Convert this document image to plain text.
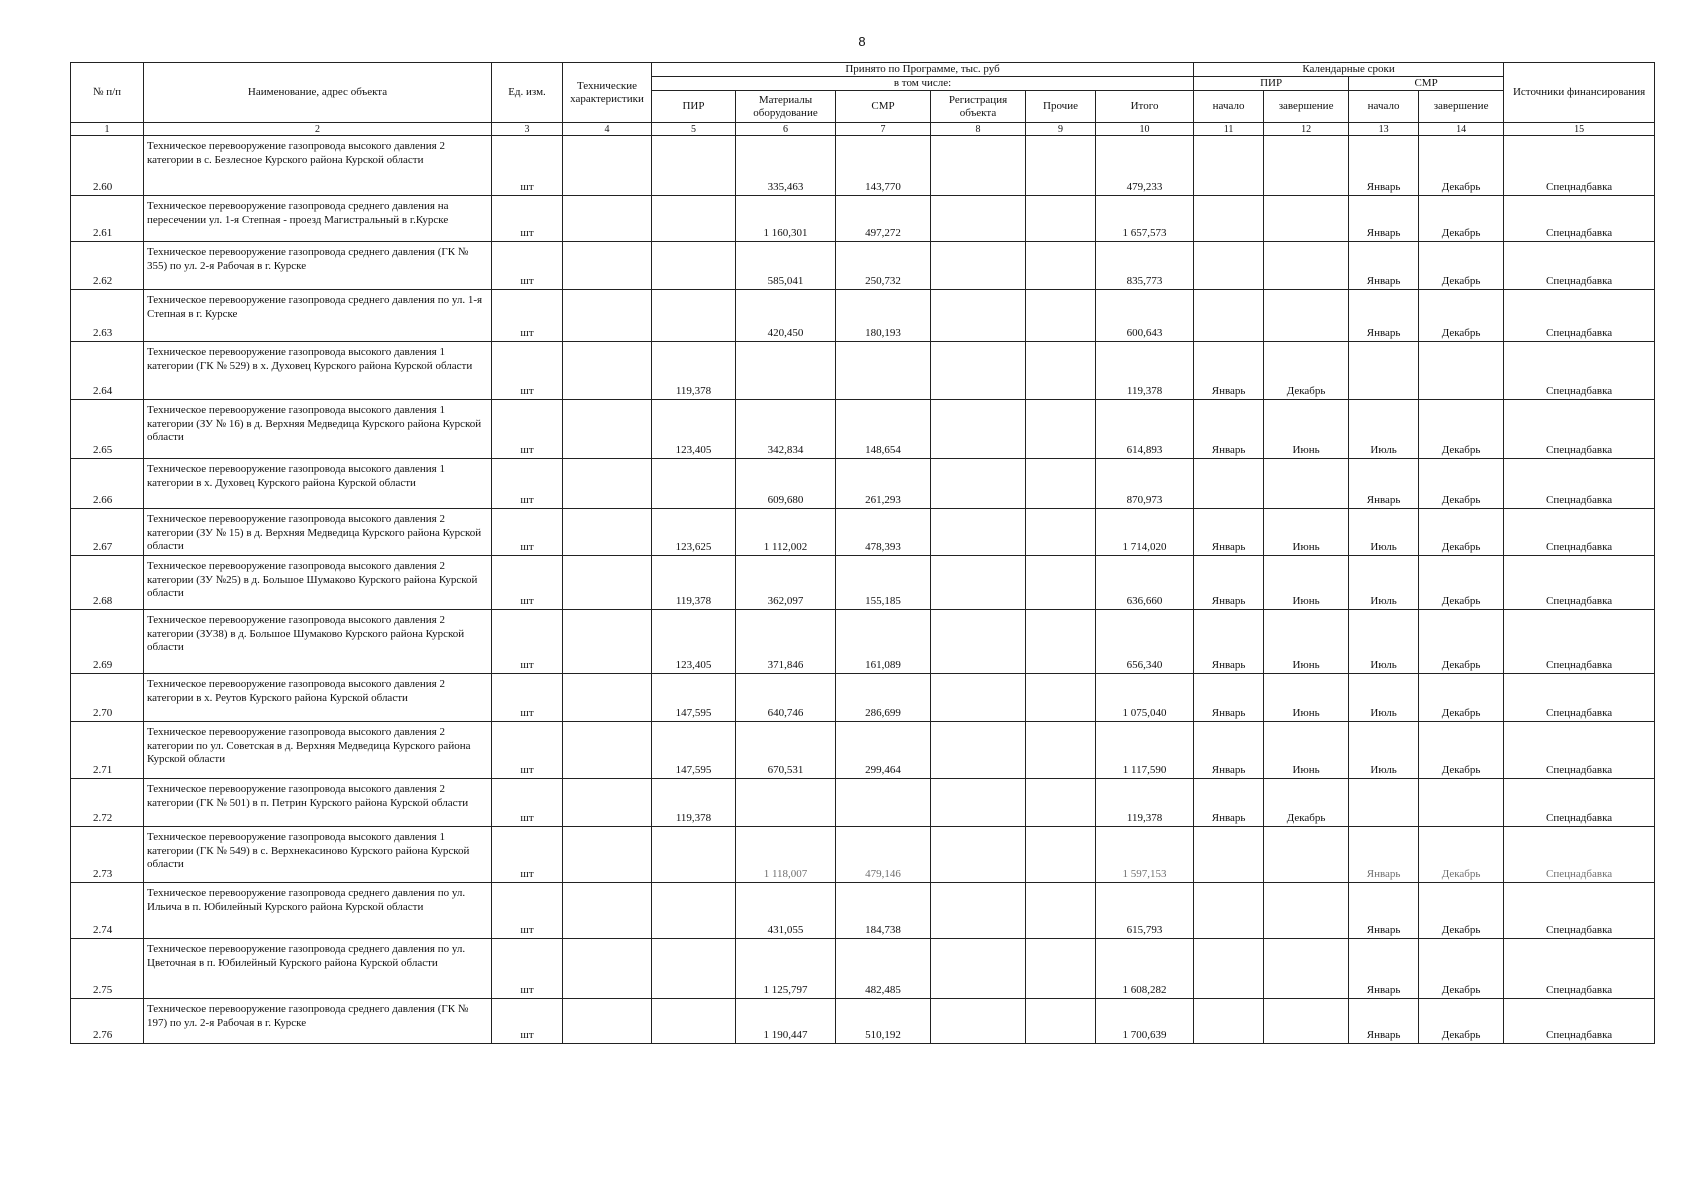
8
№ п/п	Наименование, адрес объекта	Ед. изм.	Технические характеристики	Принято по Программе, тыс. руб						Календарные сроки				Источники финансирования
				в том числе:						ПИР		СМР		
				ПИР	Материалы оборудование	СМР	Регистрация объекта	Прочие	Итого	начало	завершение	начало	завершение	
1	2	3	4	5	6	7	8	9	10	11	12	13	14	15
2.60	Техническое перевооружение газопровода высокого давления 2 категории в с. Безлесное Курского района Курской области	шт			335,463	143,770			479,233			Январь	Декабрь	Спецнадбавка
2.61	Техническое перевооружение газопровода среднего давления на пересечении ул. 1-я Степная - проезд Магистральный в г.Курске	шт			1 160,301	497,272			1 657,573			Январь	Декабрь	Спецнадбавка
2.62	Техническое перевооружение газопровода среднего давления (ГК № 355) по ул. 2-я Рабочая в г. Курске	шт			585,041	250,732			835,773			Январь	Декабрь	Спецнадбавка
2.63	Техническое перевооружение газопровода среднего давления по ул. 1-я Степная в г. Курске	шт			420,450	180,193			600,643			Январь	Декабрь	Спецнадбавка
2.64	Техническое перевооружение газопровода высокого давления 1 категории (ГК № 529) в х. Духовец Курского района Курской области	шт		119,378					119,378	Январь	Декабрь			Спецнадбавка
2.65	Техническое перевооружение газопровода высокого давления 1 категории (ЗУ № 16) в д. Верхняя Медведица Курского района Курской области	шт		123,405	342,834	148,654			614,893	Январь	Июнь	Июль	Декабрь	Спецнадбавка
2.66	Техническое перевооружение газопровода высокого давления 1 категории в х. Духовец Курского района Курской области	шт			609,680	261,293			870,973			Январь	Декабрь	Спецнадбавка
2.67	Техническое перевооружение газопровода высокого давления 2 категории (ЗУ № 15) в д. Верхняя Медведица Курского района Курской области	шт		123,625	1 112,002	478,393			1 714,020	Январь	Июнь	Июль	Декабрь	Спецнадбавка
2.68	Техническое перевооружение газопровода высокого давления 2 категории (ЗУ №25) в д. Большое Шумаково Курского района Курской области	шт		119,378	362,097	155,185			636,660	Январь	Июнь	Июль	Декабрь	Спецнадбавка
2.69	Техническое перевооружение газопровода высокого давления 2 категории (ЗУ38) в д. Большое Шумаково Курского района Курской области	шт		123,405	371,846	161,089			656,340	Январь	Июнь	Июль	Декабрь	Спецнадбавка
2.70	Техническое перевооружение газопровода высокого давления 2 категории в х. Реутов Курского района Курской области	шт		147,595	640,746	286,699			1 075,040	Январь	Июнь	Июль	Декабрь	Спецнадбавка
2.71	Техническое перевооружение газопровода высокого давления 2 категории по ул. Советская в д. Верхняя Медведица Курского района Курской области	шт		147,595	670,531	299,464			1 117,590	Январь	Июнь	Июль	Декабрь	Спецнадбавка
2.72	Техническое перевооружение газопровода высокого давления 2 категории (ГК № 501) в п. Петрин Курского района Курской области	шт		119,378					119,378	Январь	Декабрь			Спецнадбавка
2.73	Техническое перевооружение газопровода высокого давления 1 категории (ГК № 549) в с. Верхнекасиново Курского района Курской области	шт			1 118,007	479,146			1 597,153			Январь	Декабрь	Спецнадбавка
2.74	Техническое перевооружение газопровода среднего давления по ул. Ильича в п. Юбилейный Курского района Курской области	шт			431,055	184,738			615,793			Январь	Декабрь	Спецнадбавка
2.75	Техническое перевооружение газопровода среднего давления по ул. Цветочная в п. Юбилейный Курского района Курской области	шт			1 125,797	482,485			1 608,282			Январь	Декабрь	Спецнадбавка
2.76	Техническое перевооружение газопровода среднего давления (ГК № 197) по ул. 2-я Рабочая в г. Курске	шт			1 190,447	510,192			1 700,639			Январь	Декабрь	Спецнадбавка
